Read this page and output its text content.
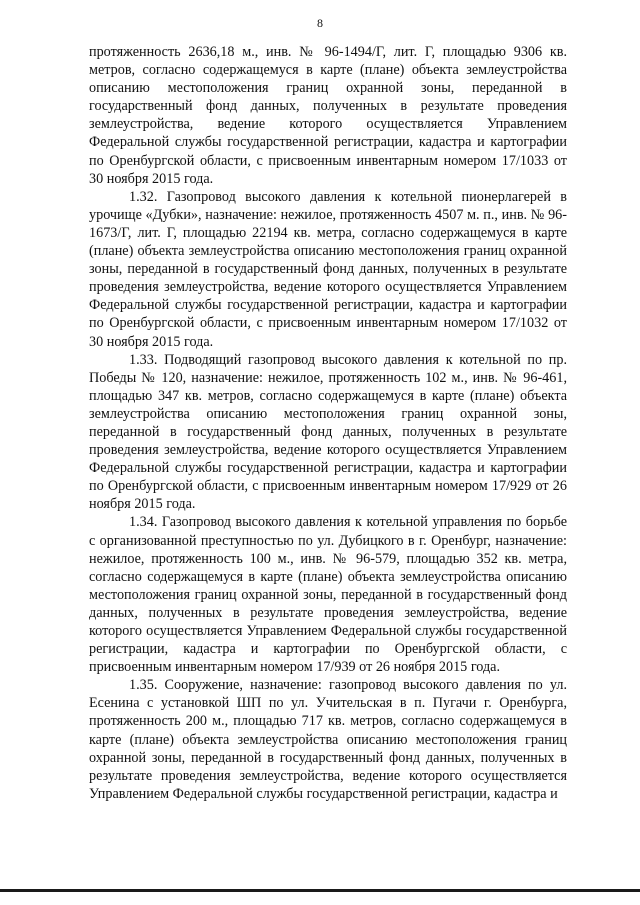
8

протяженность 2636,18 м., инв. № 96-1494/Г, лит. Г, площадью 9306 кв. метров, согласно содержащемуся в карте (плане) объекта землеустройства описанию местоположения границ охранной зоны, переданной в государственный фонд данных, полученных в результате проведения землеустройства, ведение которого осуществляется Управлением Федеральной службы государственной регистрации, кадастра и картографии по Оренбургской области, с присвоенным инвентарным номером 17/1033 от 30 ноября 2015 года.

1.32. Газопровод высокого давления к котельной пионерлагерей в урочище «Дубки», назначение: нежилое, протяженность 4507 м. п., инв. № 96-1673/Г, лит. Г, площадью 22194 кв. метра, согласно содержащемуся в карте (плане) объекта землеустройства описанию местоположения границ охранной зоны, переданной в государственный фонд данных, полученных в результате проведения землеустройства, ведение которого осуществляется Управлением Федеральной службы государственной регистрации, кадастра и картографии по Оренбургской области, с присвоенным инвентарным номером 17/1032 от 30 ноября 2015 года.

1.33. Подводящий газопровод высокого давления к котельной по пр. Победы № 120, назначение: нежилое, протяженность 102 м., инв. № 96-461, площадью 347 кв. метров, согласно содержащемуся в карте (плане) объекта землеустройства описанию местоположения границ охранной зоны, переданной в государственный фонд данных, полученных в результате проведения землеустройства, ведение которого осуществляется Управлением Федеральной службы государственной регистрации, кадастра и картографии по Оренбургской области, с присвоенным инвентарным номером 17/929 от 26 ноября 2015 года.

1.34. Газопровод высокого давления к котельной управления по борьбе с организованной преступностью по ул. Дубицкого в г. Оренбург, назначение: нежилое, протяженность 100 м., инв. № 96-579, площадью 352 кв. метра, согласно содержащемуся в карте (плане) объекта землеустройства описанию местоположения границ охранной зоны, переданной в государственный фонд данных, полученных в результате проведения землеустройства, ведение которого осуществляется Управлением Федеральной службы государственной регистрации, кадастра и картографии по Оренбургской области, с присвоенным инвентарным номером 17/939 от 26 ноября 2015 года.

1.35. Сооружение, назначение: газопровод высокого давления по ул. Есенина с установкой ШП по ул. Учительская в п. Пугачи г. Оренбурга, протяженность 200 м., площадью 717 кв. метров, согласно содержащемуся в карте (плане) объекта землеустройства описанию местоположения границ охранной зоны, переданной в государственный фонд данных, полученных в результате проведения землеустройства, ведение которого осуществляется Управлением Федеральной службы государственной регистрации, кадастра и
